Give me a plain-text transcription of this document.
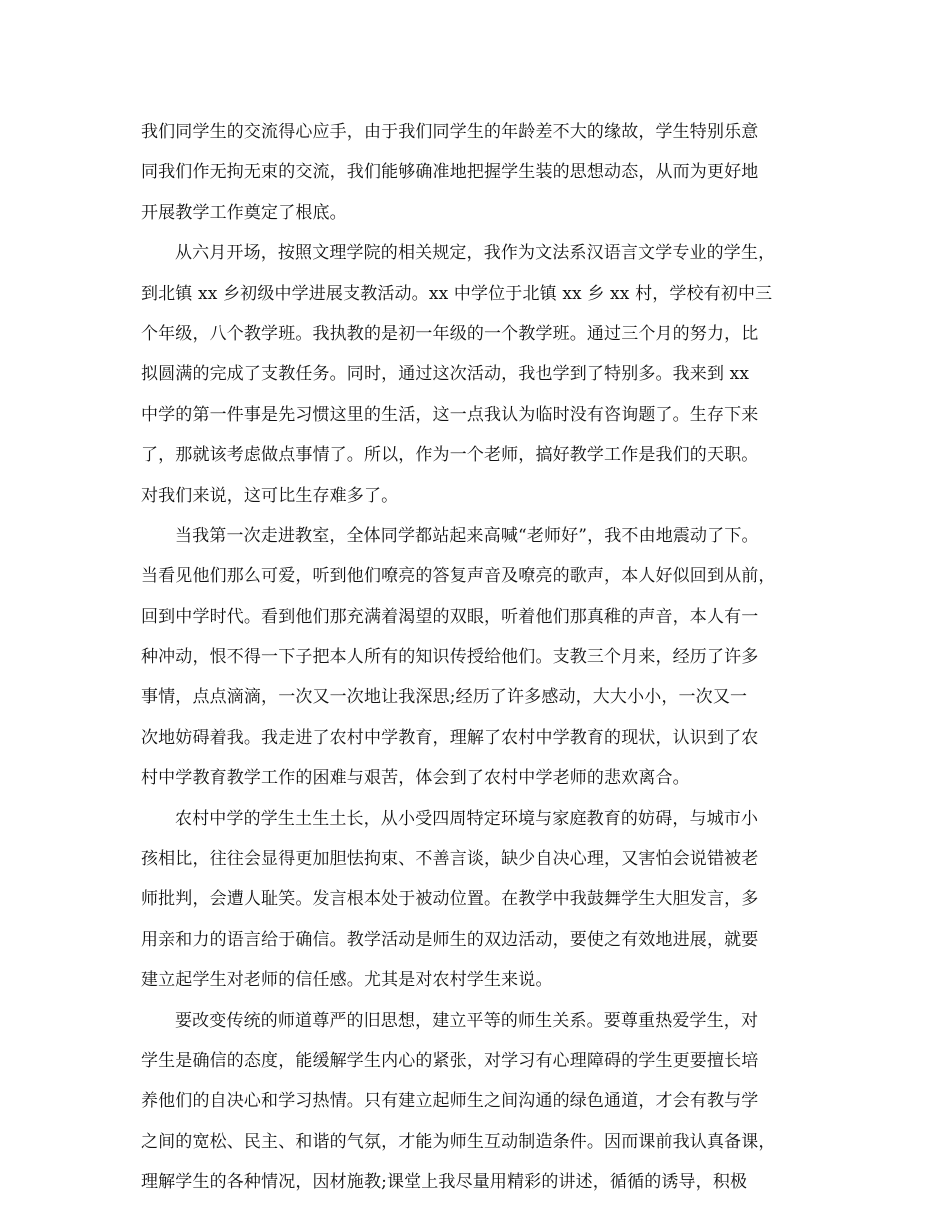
我们同学生的交流得心应手，由于我们同学生的年龄差不大的缘故，学生特别乐意
同我们作无拘无束的交流，我们能够确准地把握学生装的思想动态，从而为更好地
开展教学工作奠定了根底。
从六月开场，按照文理学院的相关规定，我作为文法系汉语言文学专业的学生，
到北镇 xx 乡初级中学进展支教活动。xx 中学位于北镇 xx 乡 xx 村，学校有初中三
个年级，八个教学班。我执教的是初一年级的一个教学班。通过三个月的努力，比
拟圆满的完成了支教任务。同时，通过这次活动，我也学到了特别多。我来到 xx
中学的第一件事是先习惯这里的生活，这一点我认为临时没有咨询题了。生存下来
了，那就该考虑做点事情了。所以，作为一个老师，搞好教学工作是我们的天职。
对我们来说，这可比生存难多了。
当我第一次走进教室，全体同学都站起来高喊“老师好”，我不由地震动了下。
当看见他们那么可爱，听到他们嘹亮的答复声音及嘹亮的歌声，本人好似回到从前，
回到中学时代。看到他们那充满着渴望的双眼，听着他们那真稚的声音，本人有一
种冲动，恨不得一下子把本人所有的知识传授给他们。支教三个月来，经历了许多
事情，点点滴滴，一次又一次地让我深思;经历了许多感动，大大小小，一次又一
次地妨碍着我。我走进了农村中学教育，理解了农村中学教育的现状，认识到了农
村中学教育教学工作的困难与艰苦，体会到了农村中学老师的悲欢离合。
农村中学的学生土生土长，从小受四周特定环境与家庭教育的妨碍，与城市小
孩相比，往往会显得更加胆怯拘束、不善言谈，缺少自决心理，又害怕会说错被老
师批判，会遭人耻笑。发言根本处于被动位置。在教学中我鼓舞学生大胆发言，多
用亲和力的语言给于确信。教学活动是师生的双边活动，要使之有效地进展，就要
建立起学生对老师的信任感。尤其是对农村学生来说。
要改变传统的师道尊严的旧思想，建立平等的师生关系。要尊重热爱学生，对
学生是确信的态度，能缓解学生内心的紧张，对学习有心理障碍的学生更要擅长培
养他们的自决心和学习热情。只有建立起师生之间沟通的绿色通道，才会有教与学
之间的宽松、民主、和谐的气氛，才能为师生互动制造条件。因而课前我认真备课，
理解学生的各种情况，因材施教;课堂上我尽量用精彩的讲述，循循的诱导，积极
